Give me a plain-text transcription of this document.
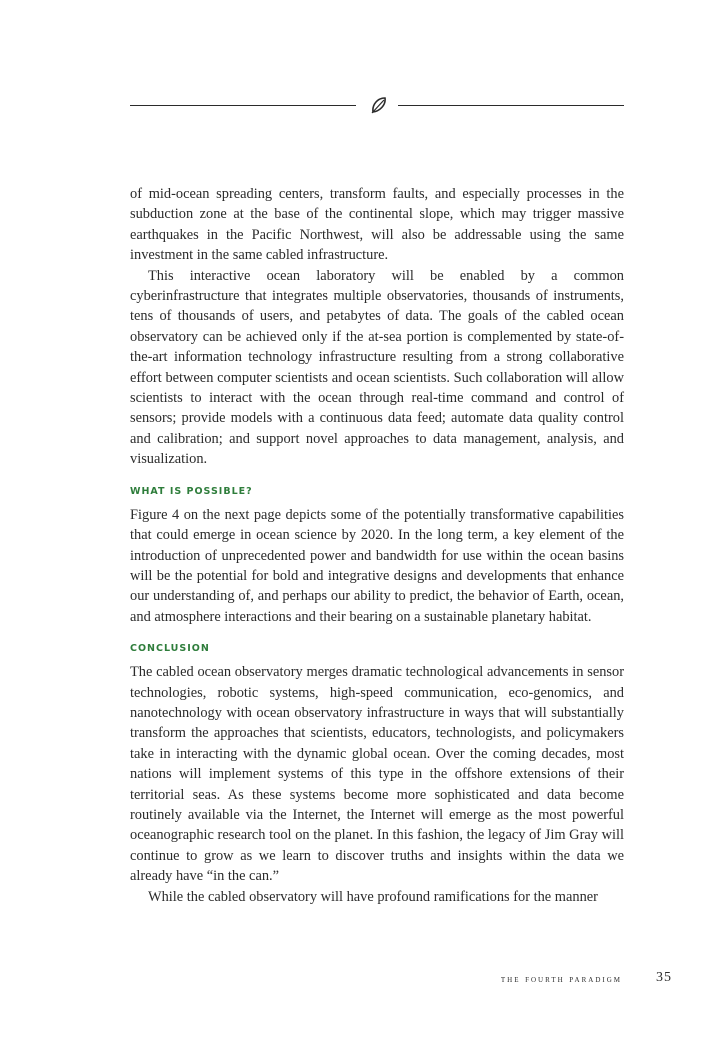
of mid-ocean spreading centers, transform faults, and especially processes in the subduction zone at the base of the continental slope, which may trigger massive earthquakes in the Pacific Northwest, will also be addressable using the same investment in the same cabled infrastructure.

This interactive ocean laboratory will be enabled by a common cyberinfrastructure that integrates multiple observatories, thousands of instruments, tens of thousands of users, and petabytes of data. The goals of the cabled ocean observatory can be achieved only if the at-sea portion is complemented by state-of-the-art information technology infrastructure resulting from a strong collaborative effort between computer scientists and ocean scientists. Such collaboration will allow scientists to interact with the ocean through real-time command and control of sensors; provide models with a continuous data feed; automate data quality control and calibration; and support novel approaches to data management, analysis, and visualization.

WHAT IS POSSIBLE?

Figure 4 on the next page depicts some of the potentially transformative capabilities that could emerge in ocean science by 2020. In the long term, a key element of the introduction of unprecedented power and bandwidth for use within the ocean basins will be the potential for bold and integrative designs and developments that enhance our understanding of, and perhaps our ability to predict, the behavior of Earth, ocean, and atmosphere interactions and their bearing on a sustainable planetary habitat.

CONCLUSION

The cabled ocean observatory merges dramatic technological advancements in sensor technologies, robotic systems, high-speed communication, eco-genomics, and nanotechnology with ocean observatory infrastructure in ways that will substantially transform the approaches that scientists, educators, technologists, and policymakers take in interacting with the dynamic global ocean. Over the coming decades, most nations will implement systems of this type in the offshore extensions of their territorial seas. As these systems become more sophisticated and data become routinely available via the Internet, the Internet will emerge as the most powerful oceanographic research tool on the planet. In this fashion, the legacy of Jim Gray will continue to grow as we learn to discover truths and insights within the data we already have “in the can.”

While the cabled observatory will have profound ramifications for the manner

the fourth paradigm 35
